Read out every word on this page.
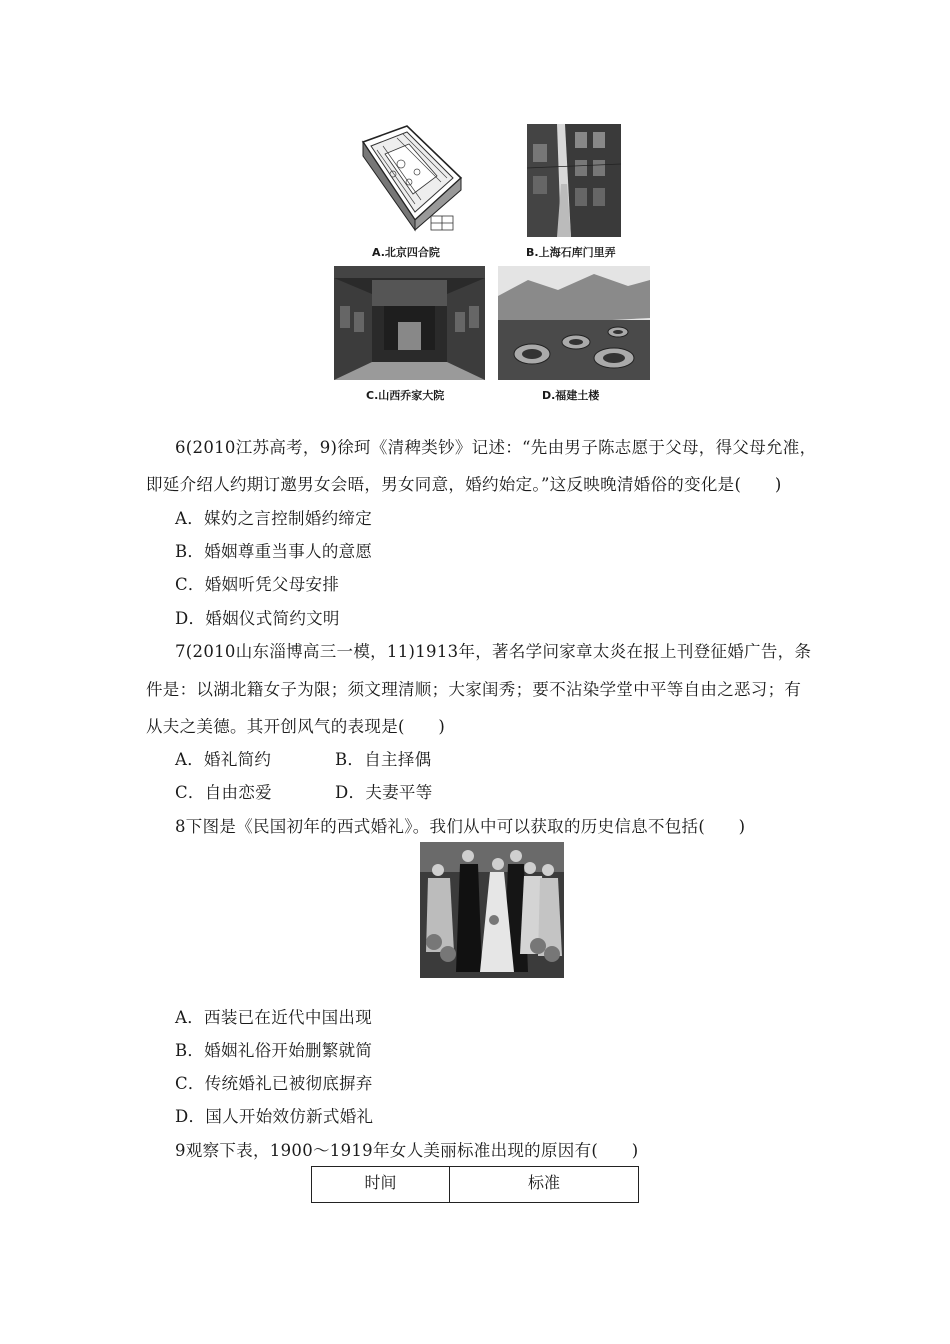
A.北京四合院	B.上海石库门里弄
C.山西乔家大院	D.福建土楼
6(2010江苏高考，9)徐珂《清稗类钞》记述：“先由男子陈志愿于父母，得父母允准，
即延介绍人约期订邀男女会晤，男女同意，婚约始定。”这反映晚清婚俗的变化是(　　)
A．媒妁之言控制婚约缔定
B．婚姻尊重当事人的意愿
C．婚姻听凭父母安排
D．婚姻仪式简约文明
7(2010山东淄博高三一模，11)1913年，著名学问家章太炎在报上刊登征婚广告，条
件是：以湖北籍女子为限；须文理清顺；大家闺秀；要不沾染学堂中平等自由之恶习；有
从夫之美德。其开创风气的表现是(　　)
A．婚礼简约	B．自主择偶
C．自由恋爱	D．夫妻平等
8下图是《民国初年的西式婚礼》。我们从中可以获取的历史信息不包括(　　)
A．西装已在近代中国出现
B．婚姻礼俗开始删繁就简
C．传统婚礼已被彻底摒弃
D．国人开始效仿新式婚礼
9观察下表，1900～1919年女人美丽标准出现的原因有(　　)
时间	标准
